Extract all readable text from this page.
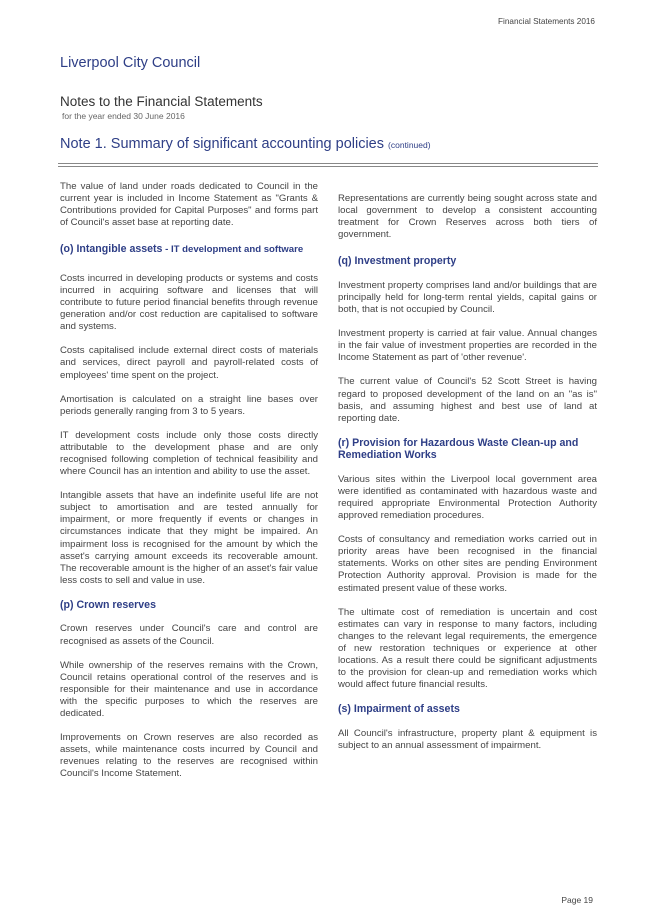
Financial Statements 2016
Liverpool City Council
Notes to the Financial Statements
for the year ended 30 June 2016
Note 1. Summary of significant accounting policies (continued)

The value of land under roads dedicated to Council in the current year is included in Income Statement as "Grants & Contributions provided for Capital Purposes" and forms part of Council's asset base at reporting date.

(o) Intangible assets - IT development and software

Costs incurred in developing products or systems and costs incurred in acquiring software and licenses that will contribute to future period financial benefits through revenue generation and/or cost reduction are capitalised to software and systems.

Costs capitalised include external direct costs of materials and services, direct payroll and payroll-related costs of employees' time spent on the project.

Amortisation is calculated on a straight line bases over periods generally ranging from 3 to 5 years.

IT development costs include only those costs directly attributable to the development phase and are only recognised following completion of technical feasibility and where Council has an intention and ability to use the asset.

Intangible assets that have an indefinite useful life are not subject to amortisation and are tested annually for impairment, or more frequently if events or changes in circumstances indicate that they might be impaired. An impairment loss is recognised for the amount by which the asset's carrying amount exceeds its recoverable amount. The recoverable amount is the higher of an asset's fair value less costs to sell and value in use.

(p) Crown reserves

Crown reserves under Council's care and control are recognised as assets of the Council.

While ownership of the reserves remains with the Crown, Council retains operational control of the reserves and is responsible for their maintenance and use in accordance with the specific purposes to which the reserves are dedicated.

Improvements on Crown reserves are also recorded as assets, while maintenance costs incurred by Council and revenues relating to the reserves are recognised within Council's Income Statement.

Representations are currently being sought across state and local government to develop a consistent accounting treatment for Crown Reserves across both tiers of government.

(q) Investment property

Investment property comprises land and/or buildings that are principally held for long-term rental yields, capital gains or both, that is not occupied by Council.

Investment property is carried at fair value. Annual changes in the fair value of investment properties are recorded in the Income Statement as part of 'other revenue'.

The current value of Council's 52 Scott Street is having regard to proposed development of the land on an "as is" basis, and assuming highest and best use of land at reporting date.

(r) Provision for Hazardous Waste Clean-up and Remediation Works

Various sites within the Liverpool local government area were identified as contaminated with hazardous waste and required appropriate Environmental Protection Authority approved remediation procedures.

Costs of consultancy and remediation works carried out in priority areas have been recognised in the financial statements. Works on other sites are pending Environment Protection Authority approval. Provision is made for the estimated present value of these works.

The ultimate cost of remediation is uncertain and cost estimates can vary in response to many factors, including changes to the relevant legal requirements, the emergence of new restoration techniques or experience at other locations. As a result there could be significant adjustments to the provision for clean-up and remediation works which would affect future financial results.

(s) Impairment of assets

All Council's infrastructure, property plant & equipment is subject to an annual assessment of impairment.

Page 19
